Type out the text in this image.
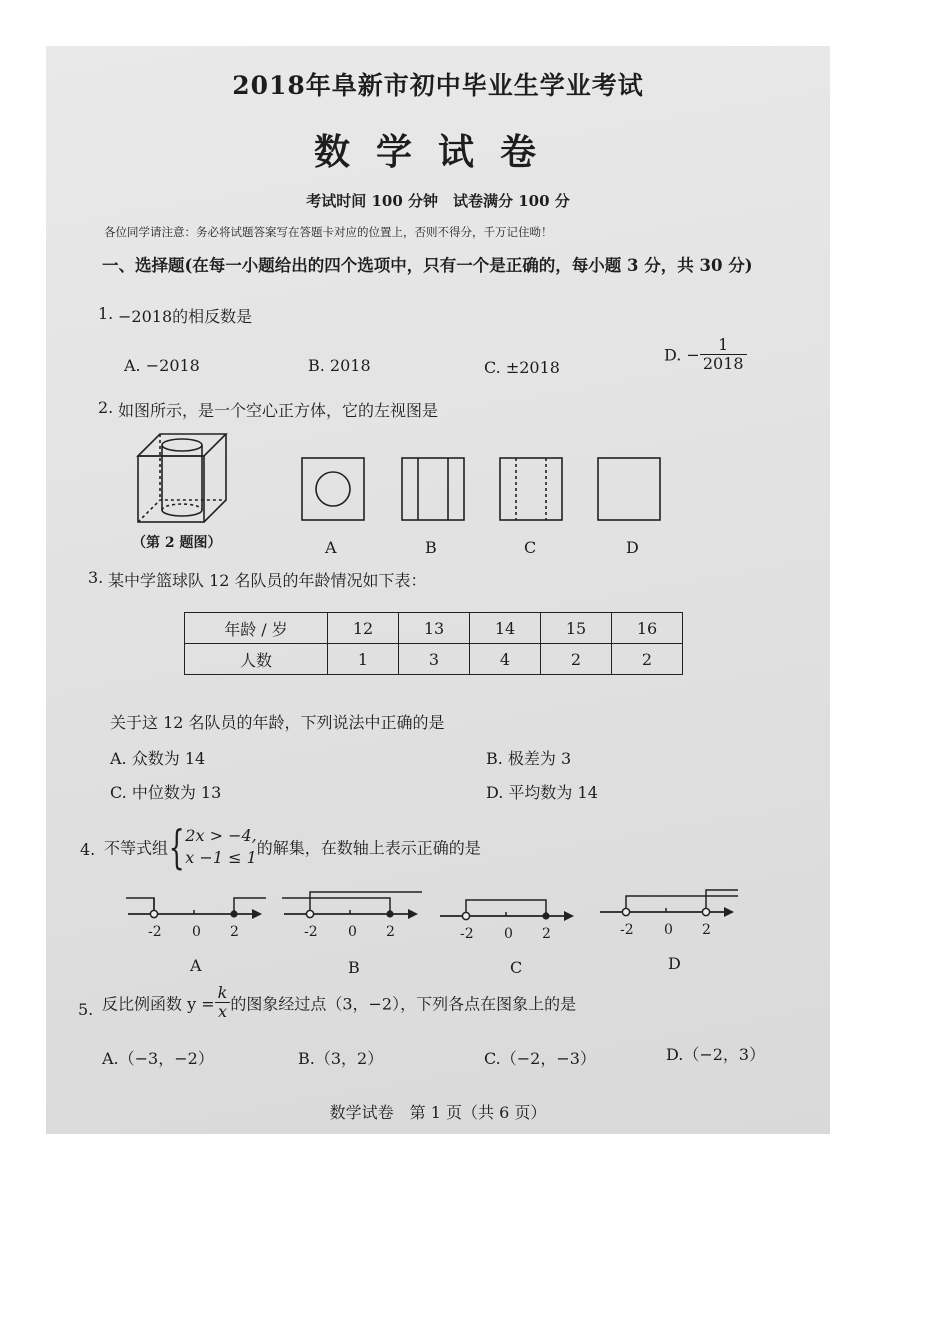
2018年阜新市初中毕业生学业考试
数学试卷
考试时间 100 分钟　试卷满分 100 分
各位同学请注意：务必将试题答案写在答题卡对应的位置上，否则不得分，千万记住呦！
一、选择题(在每一小题给出的四个选项中，只有一个是正确的，每小题 3 分，共 30 分)
1. −2018的相反数是
A. −2018	B. 2018	C. ±2018
D. − $\frac{1}{2018}$
2. 如图所示，是一个空心正方体，它的左视图是
（第 2 题图）	A	B	C	D
3. 某中学篮球队 12 名队员的年龄情况如下表：
年龄 / 岁	12	13	14	15	16
人数	1	3	4	2	2
关于这 12 名队员的年龄，下列说法中正确的是
A. 众数为 14	B. 极差为 3
C. 中位数为 13	D. 平均数为 14
4. 不等式组 { 2x > −4,
x −1 ≤ 1 的解集，在数轴上表示正确的是
-2 0 2
A
-2 0 2
B
-2 0 2
C
-2 0 2
D
5. 反比例函数 $y = \frac{k}{x}$ 的图象经过点（3，−2），下列各点在图象上的是
A.（−3，−2）	B.（3，2）	C.（−2，−3）	D.（−2，3）
数学试卷　第 1 页（共 6 页）
